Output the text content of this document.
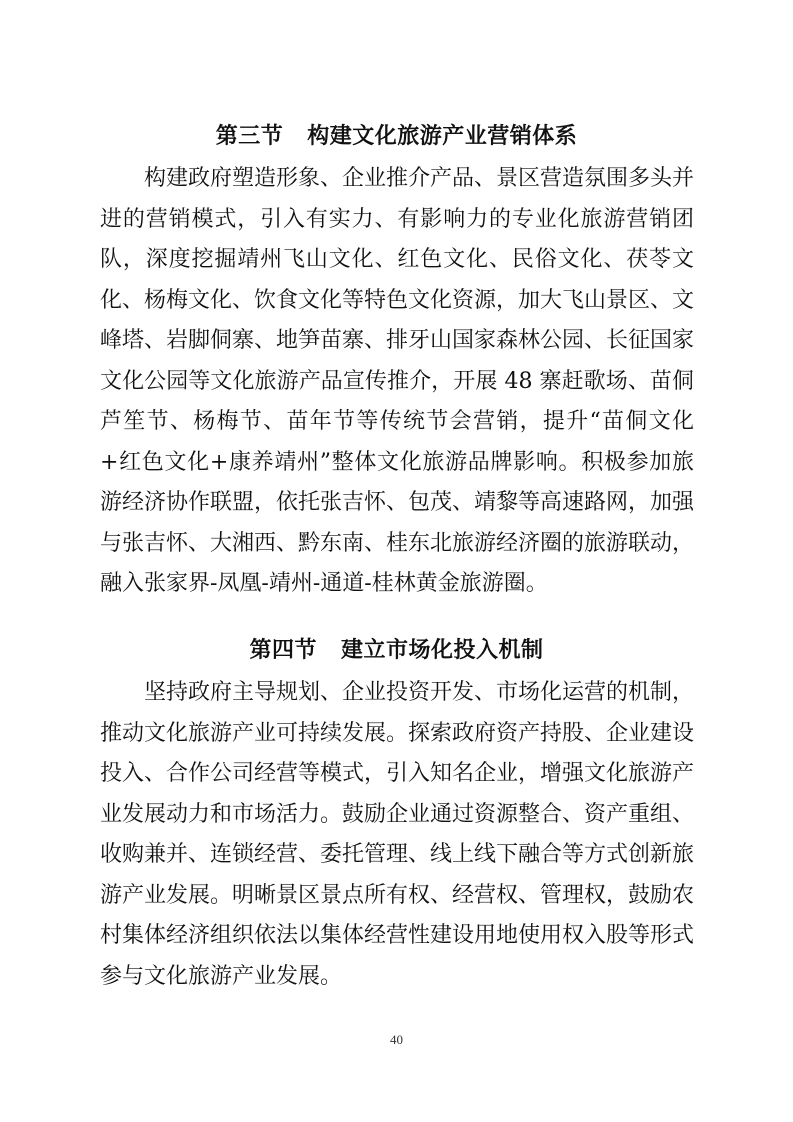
第三节 构建文化旅游产业营销体系
构建政府塑造形象、企业推介产品、景区营造氛围多头并进的营销模式，引入有实力、有影响力的专业化旅游营销团队，深度挖掘靖州飞山文化、红色文化、民俗文化、茯苓文化、杨梅文化、饮食文化等特色文化资源，加大飞山景区、文峰塔、岩脚侗寨、地笋苗寨、排牙山国家森林公园、长征国家文化公园等文化旅游产品宣传推介，开展 48 寨赶歌场、苗侗芦笙节、杨梅节、苗年节等传统节会营销，提升“苗侗文化+红色文化+康养靖州”整体文化旅游品牌影响。积极参加旅游经济协作联盟，依托张吉怀、包茂、靖黎等高速路网，加强与张吉怀、大湘西、黔东南、桂东北旅游经济圈的旅游联动，融入张家界-凤凰-靖州-通道-桂林黄金旅游圈。
第四节 建立市场化投入机制
坚持政府主导规划、企业投资开发、市场化运营的机制，推动文化旅游产业可持续发展。探索政府资产持股、企业建设投入、合作公司经营等模式，引入知名企业，增强文化旅游产业发展动力和市场活力。鼓励企业通过资源整合、资产重组、收购兼并、连锁经营、委托管理、线上线下融合等方式创新旅游产业发展。明晰景区景点所有权、经营权、管理权，鼓励农村集体经济组织依法以集体经营性建设用地使用权入股等形式参与文化旅游产业发展。
40
